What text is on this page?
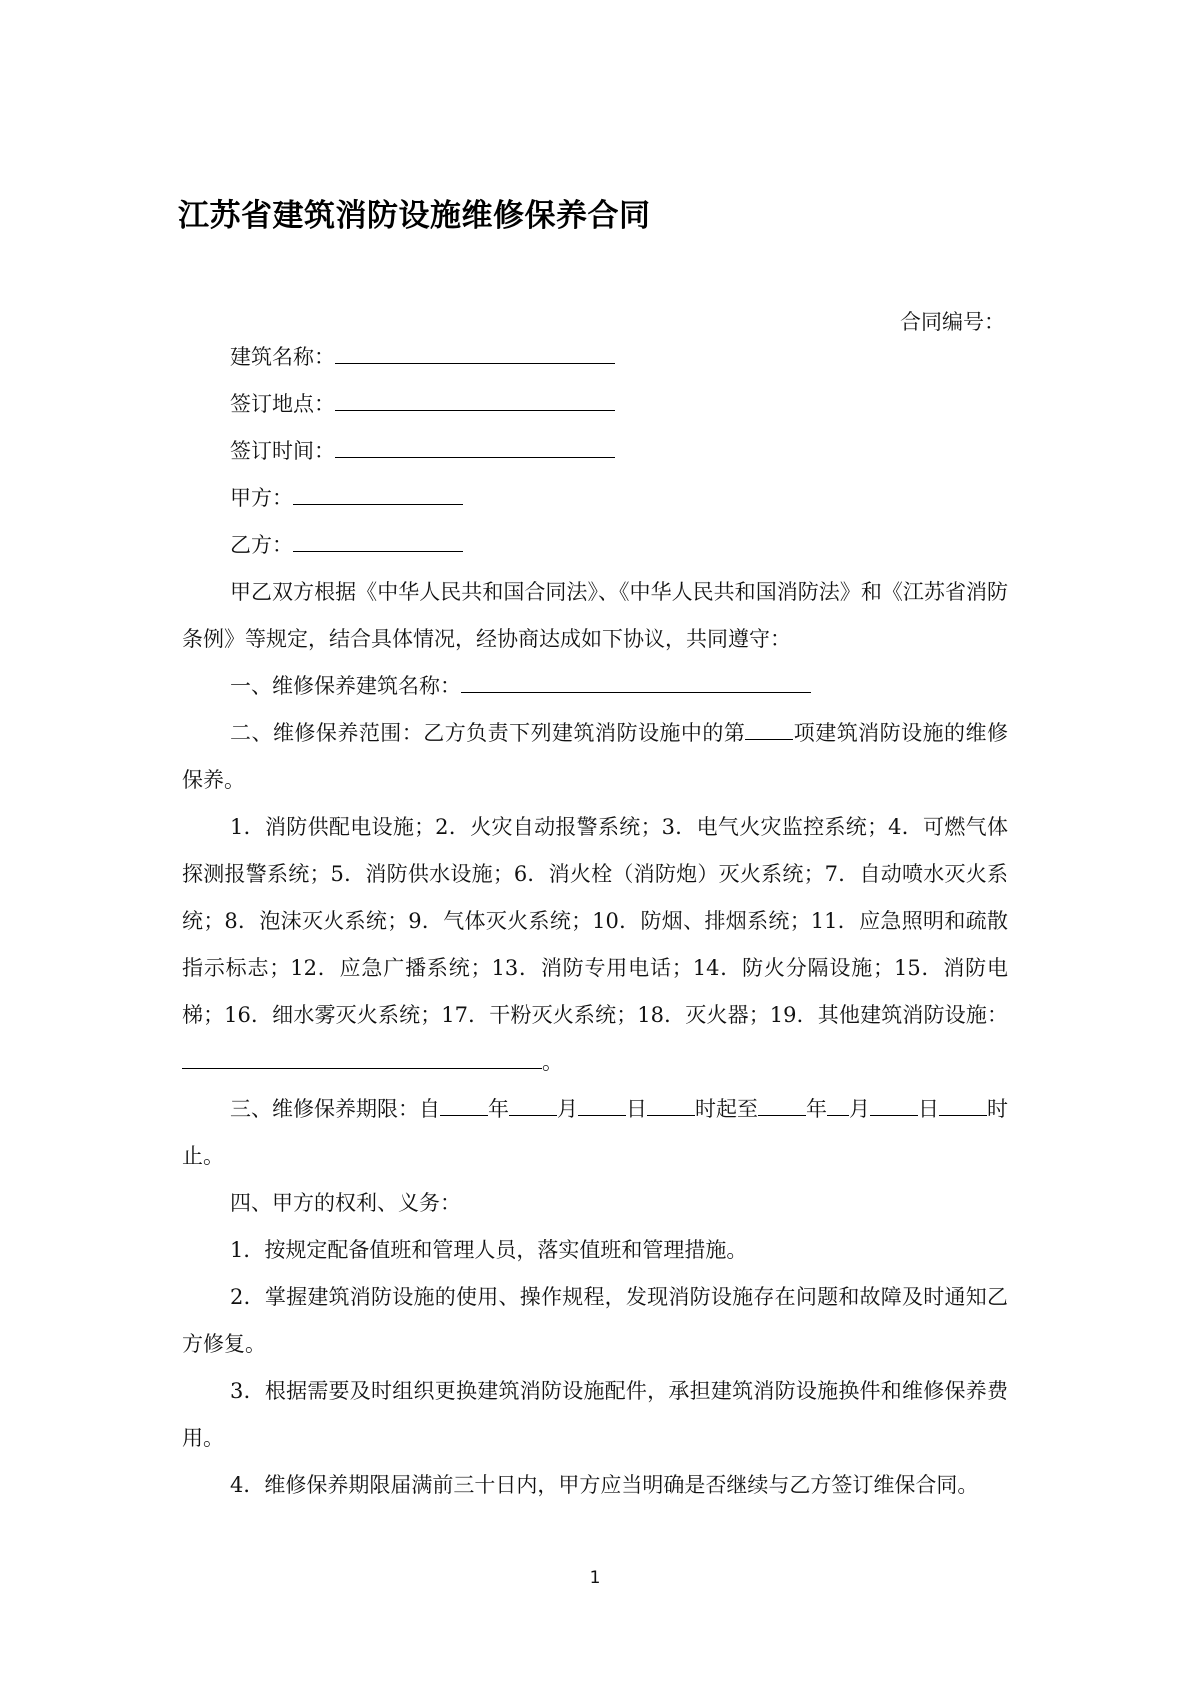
江苏省建筑消防设施维修保养合同
合同编号：
建筑名称：
签订地点：
签订时间：
甲方：
乙方：
甲乙双方根据《中华人民共和国合同法》、《中华人民共和国消防法》和《江苏省消防条例》等规定，结合具体情况，经协商达成如下协议，共同遵守：
一、维修保养建筑名称：
二、维修保养范围：乙方负责下列建筑消防设施中的第 项建筑消防设施的维修保养。
1．消防供配电设施；2．火灾自动报警系统；3．电气火灾监控系统；4．可燃气体探测报警系统；5．消防供水设施；6．消火栓（消防炮）灭火系统；7．自动喷水灭火系统；8．泡沫灭火系统；9．气体灭火系统；10．防烟、排烟系统；11．应急照明和疏散指示标志；12．应急广播系统；13．消防专用电话；14．防火分隔设施；15．消防电梯；16．细水雾灭火系统；17．干粉灭火系统；18．灭火器；19．其他建筑消防设施：。
三、维修保养期限：自 年 月 日 时起至 年 月 日 时止。
四、甲方的权利、义务：
1．按规定配备值班和管理人员，落实值班和管理措施。
2．掌握建筑消防设施的使用、操作规程，发现消防设施存在问题和故障及时通知乙方修复。
3．根据需要及时组织更换建筑消防设施配件，承担建筑消防设施换件和维修保养费用。
4．维修保养期限届满前三十日内，甲方应当明确是否继续与乙方签订维保合同。
1
